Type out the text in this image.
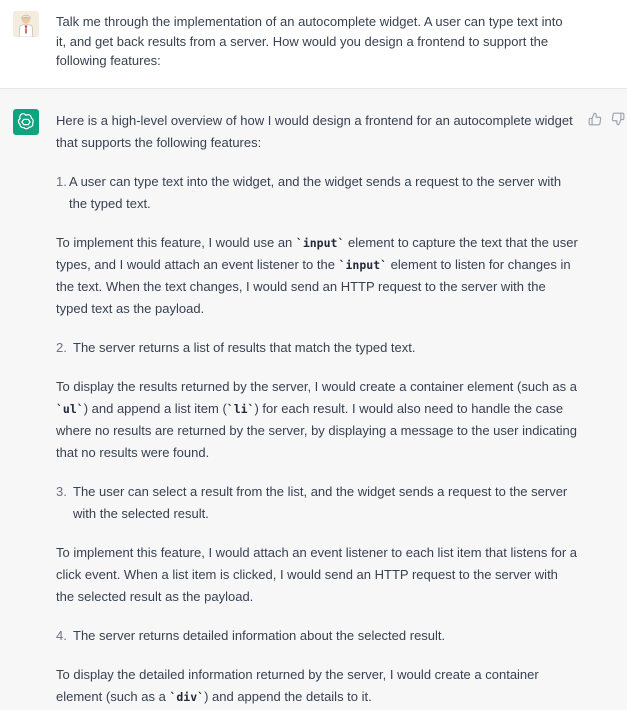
Talk me through the implementation of an autocomplete widget. A user can type text into it, and get back results from a server. How would you design a frontend to support the following features:

Here is a high-level overview of how I would design a frontend for an autocomplete widget that supports the following features:

1. A user can type text into the widget, and the widget sends a request to the server with the typed text.

To implement this feature, I would use an `input` element to capture the text that the user types, and I would attach an event listener to the `input` element to listen for changes in the text. When the text changes, I would send an HTTP request to the server with the typed text as the payload.

2. The server returns a list of results that match the typed text.

To display the results returned by the server, I would create a container element (such as a `ul`) and append a list item (`li`) for each result. I would also need to handle the case where no results are returned by the server, by displaying a message to the user indicating that no results were found.

3. The user can select a result from the list, and the widget sends a request to the server with the selected result.

To implement this feature, I would attach an event listener to each list item that listens for a click event. When a list item is clicked, I would send an HTTP request to the server with the selected result as the payload.

4. The server returns detailed information about the selected result.

To display the detailed information returned by the server, I would create a container element (such as a `div`) and append the details to it.
